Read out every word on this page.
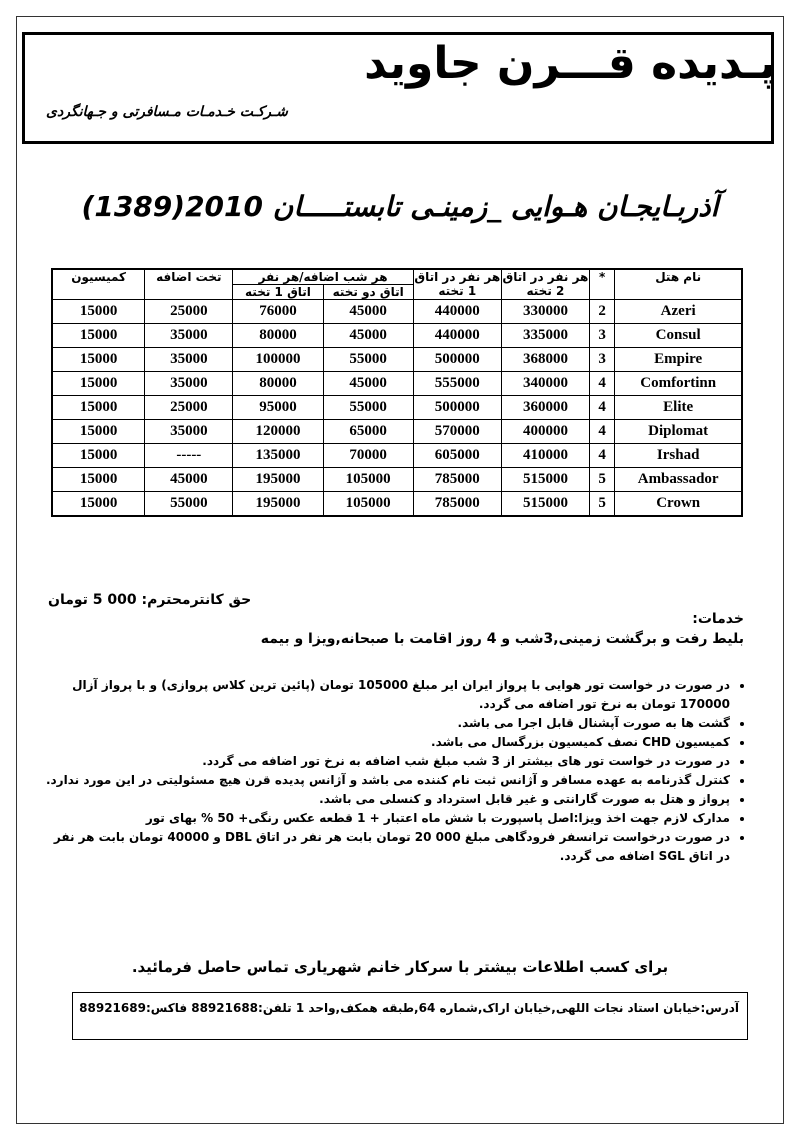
پـدیده قـــرن جاوید
شـرکـت خـدمـات مـسافرتی و جـهانگردی
آذربـایجـان هـوایی _زمینـی تابستـــــان 2010(1389)
نام هتل	*	هر نفر در اتاق 2 تخته	هر نفر در اتاق 1 تخته	هر شب اضافه/هر نفر		تخت اضافه	کمیسیون
				اتاق دو تخته	اتاق 1 تخته		
Azeri	2	330000	440000	45000	76000	25000	15000
Consul	3	335000	440000	45000	80000	35000	15000
Empire	3	368000	500000	55000	100000	35000	15000
Comfortinn	4	340000	555000	45000	80000	35000	15000
Elite	4	360000	500000	55000	95000	25000	15000
Diplomat	4	400000	570000	65000	120000	35000	15000
Irshad	4	410000	605000	70000	135000	-----	15000
Ambassador	5	515000	785000	105000	195000	45000	15000
Crown	5	515000	785000	105000	195000	55000	15000
حق کانترمحترم: 000 5 تومان
خدمات:
بلیط رفت و برگشت زمینی,3شب و 4 روز اقامت با صبحانه,ویزا و بیمه
• در صورت در خواست تور هوایی با پرواز ایران ایر مبلغ 105000 تومان (پائین ترین کلاس پروازی) و با پرواز آزال 170000 تومان به نرخ تور اضافه می گردد.
• گشت ها به صورت آپشنال قابل اجرا می باشد.
• کمیسیون CHD نصف کمیسیون بزرگسال می باشد.
• در صورت در خواست تور های بیشتر از 3 شب مبلغ شب اضافه به نرخ تور اضافه می گردد.
• کنترل گذرنامه به عهده مسافر و آژانس ثبت نام کننده می باشد و آژانس پدیده قرن هیچ مسئولیتی در این مورد ندارد.
• پرواز و هتل به صورت گارانتی و غیر قابل استرداد و کنسلی می باشد.
• مدارک لازم جهت اخذ ویزا:اصل پاسپورت با شش ماه اعتبار + 1 قطعه عکس رنگی+ 50 % بهای تور
• در صورت درخواست ترانسفر فرودگاهی مبلغ 000 20 تومان بابت هر نفر در اتاق DBL و 40000 تومان بابت هر نفر در اتاق SGL اضافه می گردد.
برای کسب اطلاعات بیشتر با سرکار خانم شهریاری تماس حاصل فرمائید.
آدرس:خیابان استاد نجات اللهی,خیابان اراک,شماره 64,طبقه همکف,واحد 1 تلفن:88921688 فاکس:88921689
